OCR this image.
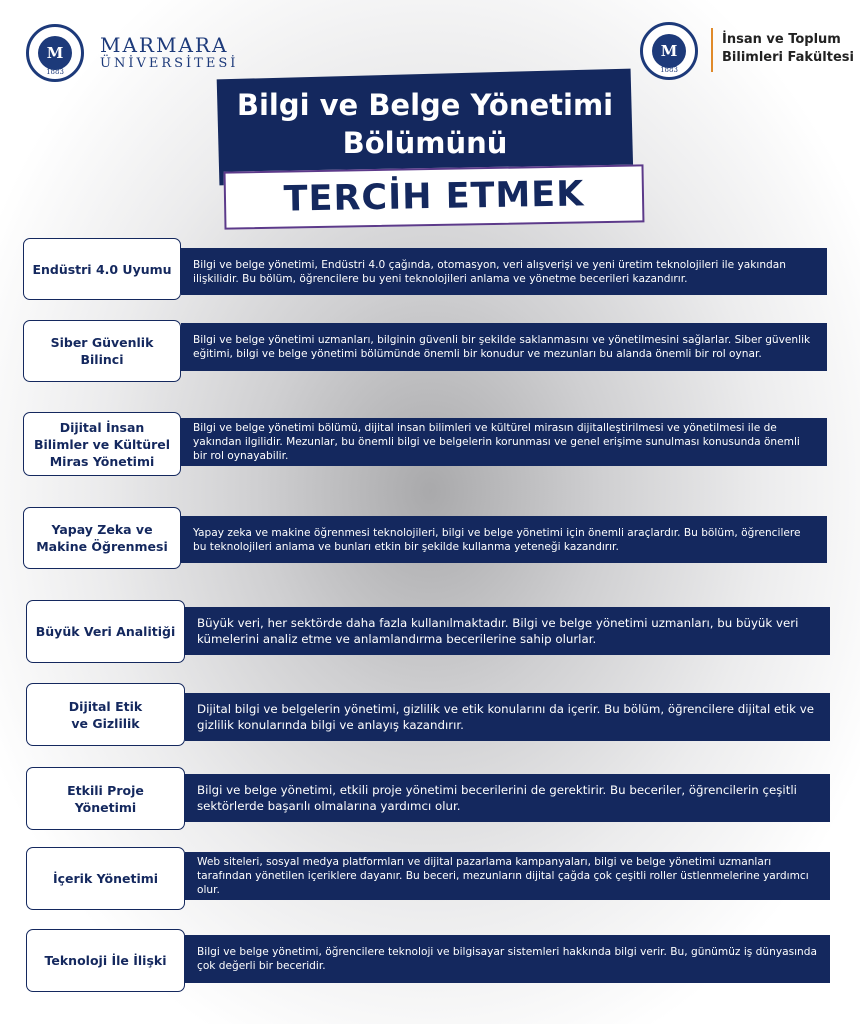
M
1883
MARMARA
ÜNİVERSİTESİ
M
1883
İnsan ve Toplum
Bilimleri Fakültesi
Bilgi ve Belge Yönetimi
Bölümünü
TERCİH ETMEK
Bilgi ve belge yönetimi, Endüstri 4.0 çağında, otomasyon, veri alışverişi ve yeni üretim teknolojileri ile yakından ilişkilidir. Bu bölüm, öğrencilere bu yeni teknolojileri anlama ve yönetme becerileri kazandırır.
Endüstri 4.0 Uyumu
Bilgi ve belge yönetimi uzmanları, bilginin güvenli bir şekilde saklanmasını ve yönetilmesini sağlarlar. Siber güvenlik eğitimi, bilgi ve belge yönetimi bölümünde önemli bir konudur ve mezunları bu alanda önemli bir rol oynar.
Siber Güvenlik
Bilinci
Bilgi ve belge yönetimi bölümü, dijital insan bilimleri ve kültürel mirasın dijitalleştirilmesi ve yönetilmesi ile de yakından ilgilidir. Mezunlar, bu önemli bilgi ve belgelerin korunması ve genel erişime sunulması konusunda önemli bir rol oynayabilir.
Dijital İnsan
Bilimler ve Kültürel
Miras Yönetimi
Yapay zeka ve makine öğrenmesi teknolojileri, bilgi ve belge yönetimi için önemli araçlardır. Bu bölüm, öğrencilere bu teknolojileri anlama ve bunları etkin bir şekilde kullanma yeteneği kazandırır.
Yapay Zeka ve
Makine Öğrenmesi
Büyük veri, her sektörde daha fazla kullanılmaktadır. Bilgi ve belge yönetimi uzmanları, bu büyük veri kümelerini analiz etme ve anlamlandırma becerilerine sahip olurlar.
Büyük Veri Analitiği
Dijital bilgi ve belgelerin yönetimi, gizlilik ve etik konularını da içerir. Bu bölüm, öğrencilere dijital etik ve gizlilik konularında bilgi ve anlayış kazandırır.
Dijital Etik
ve Gizlilik
Bilgi ve belge yönetimi, etkili proje yönetimi becerilerini de gerektirir. Bu beceriler, öğrencilerin çeşitli sektörlerde başarılı olmalarına yardımcı olur.
Etkili Proje
Yönetimi
Web siteleri, sosyal medya platformları ve dijital pazarlama kampanyaları, bilgi ve belge yönetimi uzmanları tarafından yönetilen içeriklere dayanır. Bu beceri, mezunların dijital çağda çok çeşitli roller üstlenmelerine yardımcı olur.
İçerik Yönetimi
Bilgi ve belge yönetimi, öğrencilere teknoloji ve bilgisayar sistemleri hakkında bilgi verir. Bu, günümüz iş dünyasında çok değerli bir beceridir.
Teknoloji İle İlişki
